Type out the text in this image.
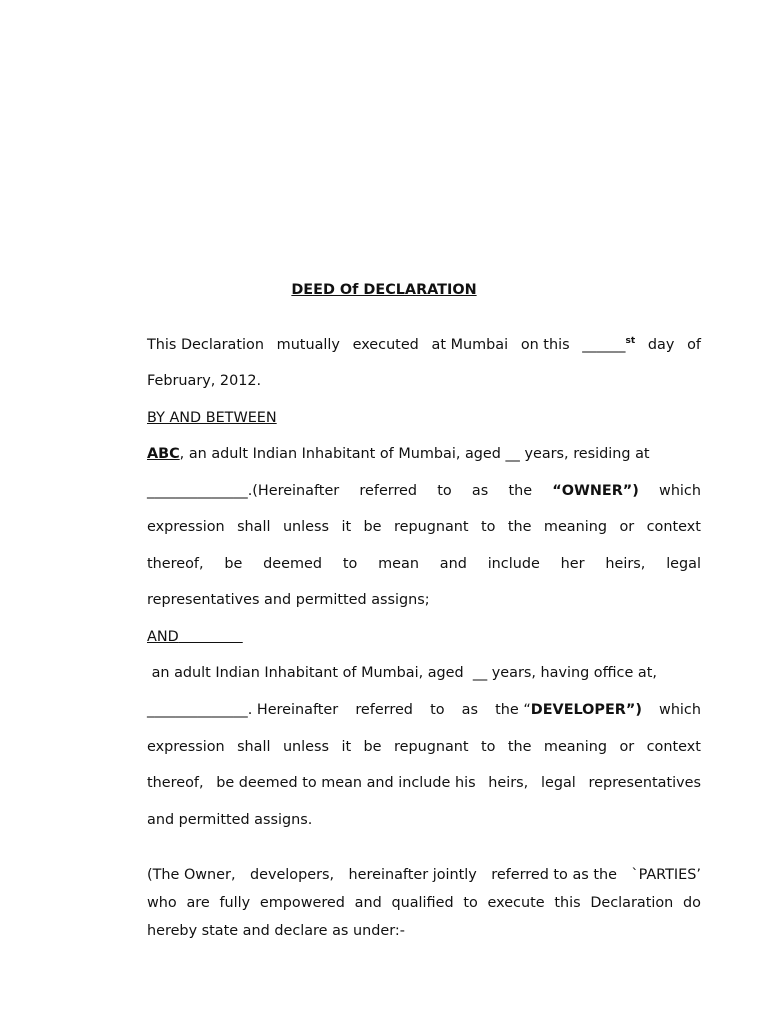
DEED Of DECLARATION
This Declaration mutually executed at Mumbai on this ______$^{st}$ day of
February, 2012.
BY AND BETWEEN
ABC, an adult Indian Inhabitant of Mumbai, aged __ years, residing at
______________.(Hereinafter referred to as the “OWNER”) which
expression shall unless it be repugnant to the meaning or context
thereof, be deemed to mean and include her heirs, legal
representatives and permitted assigns;
AND
an adult Indian Inhabitant of Mumbai, aged  __ years, having office at,
______________. Hereinafter referred to as the “DEVELOPER”) which
expression shall unless it be repugnant to the meaning or context
thereof, be deemed to mean and include his heirs, legal representatives
and permitted assigns.
(The Owner, developers, hereinafter jointly referred to as the `PARTIES’
who are fully empowered and qualified to execute this Declaration do
hereby state and declare as under:-
